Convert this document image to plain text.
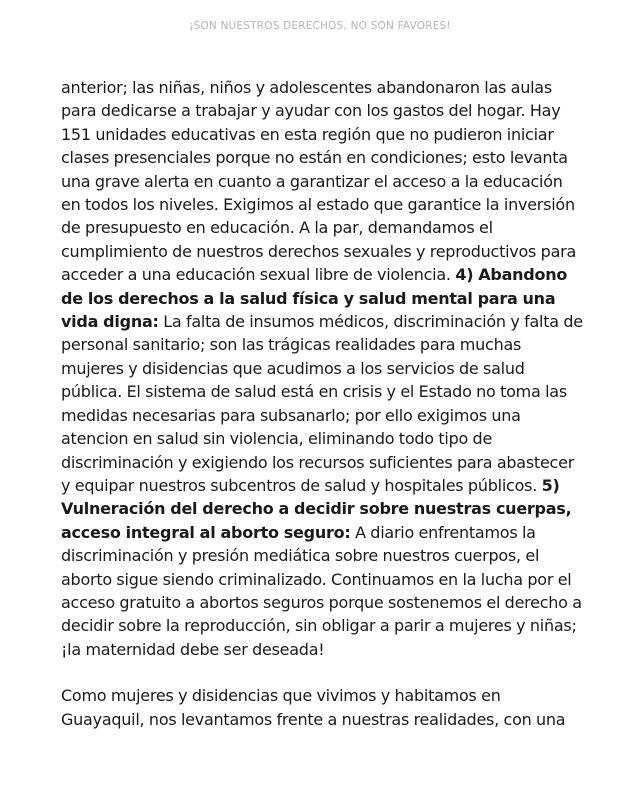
¡SON NUESTROS DERECHOS, NO SON FAVORES!

anterior; las niñas, niños y adolescentes abandonaron las aulas para dedicarse a trabajar y ayudar con los gastos del hogar. Hay 151 unidades educativas en esta región que no pudieron iniciar clases presenciales porque no están en condiciones; esto levanta una grave alerta en cuanto a garantizar el acceso a la educación en todos los niveles. Exigimos al estado que garantice la inversión de presupuesto en educación. A la par, demandamos el cumplimiento de nuestros derechos sexuales y reproductivos para acceder a una educación sexual libre de violencia. 4) Abandono de los derechos a la salud física y salud mental para una vida digna: La falta de insumos médicos, discriminación y falta de personal sanitario; son las trágicas realidades para muchas mujeres y disidencias que acudimos a los servicios de salud pública. El sistema de salud está en crisis y el Estado no toma las medidas necesarias para subsanarlo; por ello exigimos una atencion en salud sin violencia, eliminando todo tipo de discriminación y exigiendo los recursos suficientes para abastecer y equipar nuestros subcentros de salud y hospitales públicos. 5) Vulneración del derecho a decidir sobre nuestras cuerpas, acceso integral al aborto seguro: A diario enfrentamos la discriminación y presión mediática sobre nuestros cuerpos, el aborto sigue siendo criminalizado. Continuamos en la lucha por el acceso gratuito a abortos seguros porque sostenemos el derecho a decidir sobre la reproducción, sin obligar a parir a mujeres y niñas; ¡la maternidad debe ser deseada!

Como mujeres y disidencias que vivimos y habitamos en Guayaquil, nos levantamos frente a nuestras realidades, con una
